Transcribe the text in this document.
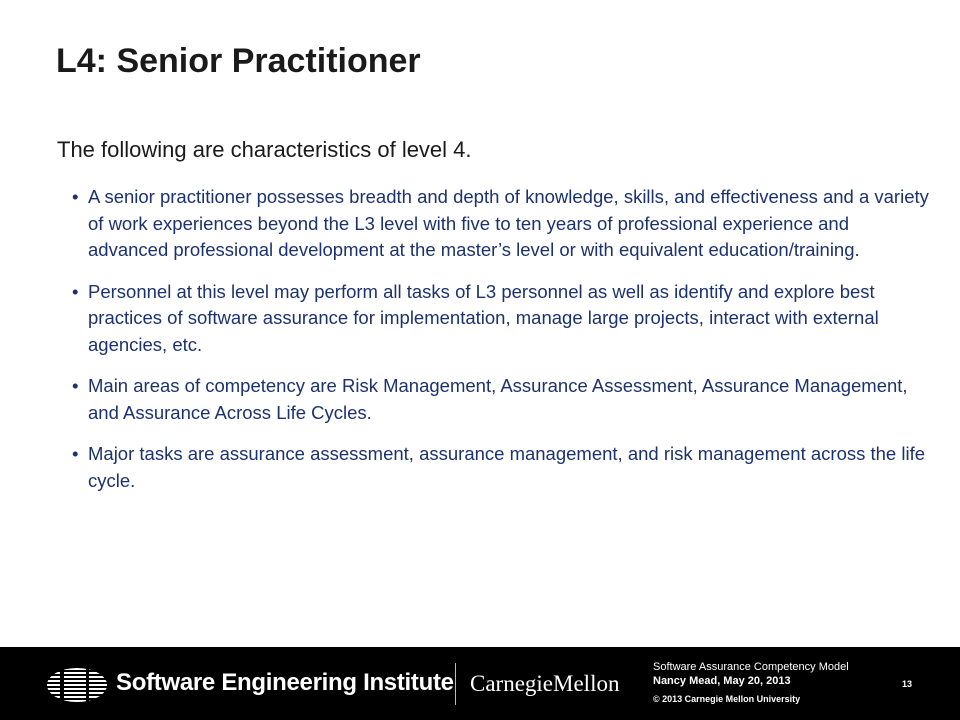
L4: Senior Practitioner

The following are characteristics of level 4.

• A senior practitioner possesses breadth and depth of knowledge, skills, and effectiveness and a variety of work experiences beyond the L3 level with five to ten years of professional experience and advanced professional development at the master’s level or with equivalent education/training.
• Personnel at this level may perform all tasks of L3 personnel as well as identify and explore best practices of software assurance for implementation, manage large projects, interact with external agencies, etc.
• Main areas of competency are Risk Management, Assurance Assessment, Assurance Management, and Assurance Across Life Cycles.
• Major tasks are assurance assessment, assurance management, and risk management across the life cycle.
Software Engineering Institute CarnegieMellon
Software Assurance Competency Model
Nancy Mead, May 20, 2013
© 2013 Carnegie Mellon University
13
